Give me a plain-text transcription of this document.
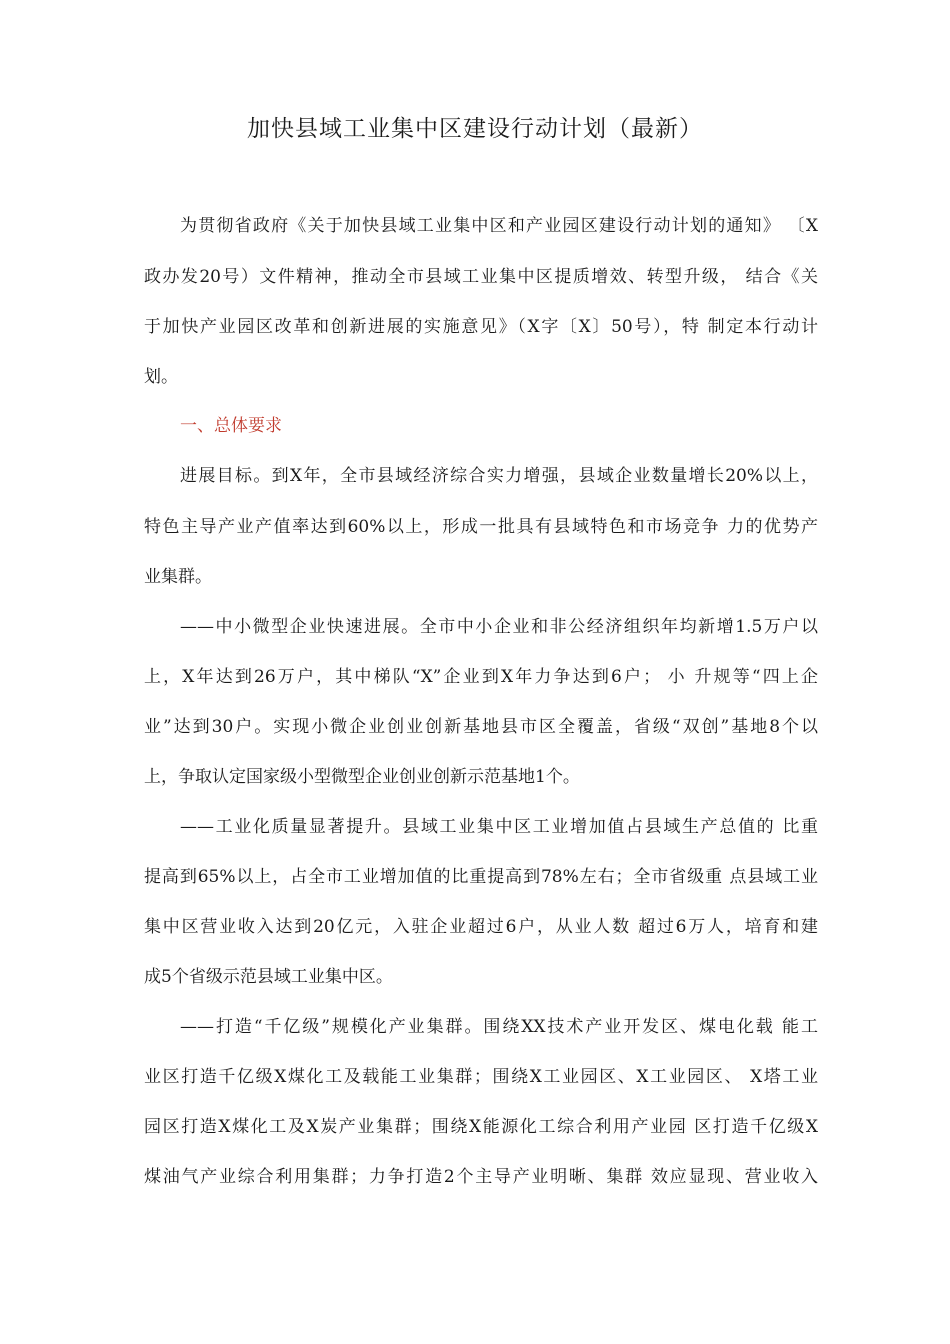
加快县域工业集中区建设行动计划（最新）
为贯彻省政府《关于加快县域工业集中区和产业园区建设行动计划的通知》 〔X
政办发20号）文件精神，推动全市县域工业集中区提质增效、转型升级， 结合《关
于加快产业园区改革和创新进展的实施意见》（X字〔X〕50号），特 制定本行动计
划。
一、总体要求
进展目标。到X年，全市县域经济综合实力增强，县域企业数量增长20%以上，
特色主导产业产值率达到60%以上，形成一批具有县域特色和市场竞争 力的优势产
业集群。
——中小微型企业快速进展。全市中小企业和非公经济组织年均新增1.5万户以
上，X年达到26万户，其中梯队“X”企业到X年力争达到6户； 小 升规等“四上企
业”达到30户。实现小微企业创业创新基地县市区全覆盖，省级“双创”基地8个以
上，争取认定国家级小型微型企业创业创新示范基地1个。
——工业化质量显著提升。县域工业集中区工业增加值占县域生产总值的 比重
提高到65%以上，占全市工业增加值的比重提高到78%左右；全市省级重 点县域工业
集中区营业收入达到20亿元，入驻企业超过6户，从业人数 超过6万人，培育和建
成5个省级示范县域工业集中区。
——打造“千亿级”规模化产业集群。围绕XX技术产业开发区、煤电化载 能工
业区打造千亿级X煤化工及载能工业集群；围绕X工业园区、X工业园区、 X塔工业
园区打造X煤化工及X炭产业集群；围绕X能源化工综合利用产业园 区打造千亿级X
煤油气产业综合利用集群；力争打造2个主导产业明晰、集群 效应显现、营业收入
